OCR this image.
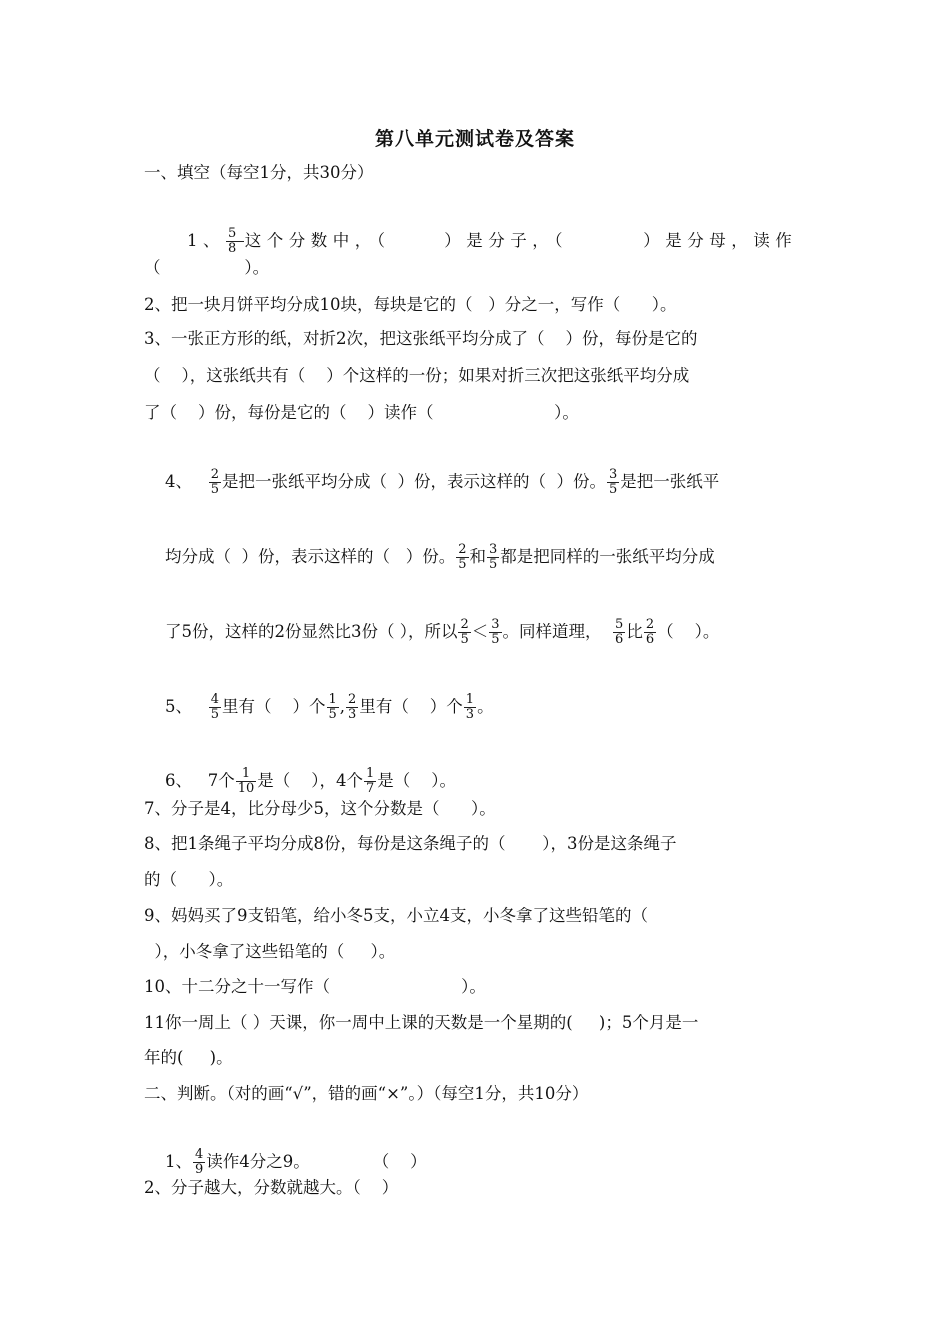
第八单元测试卷及答案
一、填空（每空1分，共30分）

1、 $\frac{5}{8}$ 这个分数中，（     ）是分子，（       ）是分母，读作

（                ）。
2、把一块月饼平均分成10块，每块是它的（   ）分之一，写作（      ）。
3、一张正方形的纸，对折2次，把这张纸平均分成了（    ）份，每份是它的
（    ），这张纸共有（    ）个这样的一份；如果对折三次把这张纸平均分成
了（    ）份，每份是它的（    ）读作（                       ）。

4、 $\frac{2}{5}$ 是把一张纸平均分成（  ）份，表示这样的（  ）份。 $\frac{3}{5}$ 是把一张纸平

均分成（  ）份，表示这样的（   ）份。 $\frac{2}{5}$ 和 $\frac{3}{5}$ 都是把同样的一张纸平均分成

了5份，这样的2份显然比3份（ ），所以 $\frac{2}{5} < \frac{3}{5}$ 。同样道理， $\frac{5}{6}$ 比 $\frac{2}{6}$ （    ）。

5、 $\frac{4}{5}$ 里有（    ）个 $\frac{1}{5}$ , $\frac{2}{3}$ 里有（    ）个 $\frac{1}{3}$ 。

6、 7个 $\frac{1}{10}$ 是（    ），4个 $\frac{1}{7}$ 是（    ）。

7、分子是4，比分母少5，这个分数是（      ）。
8、把1条绳子平均分成8份，每份是这条绳子的（       ），3份是这条绳子
的（      ）。
9、妈妈买了9支铅笔，给小冬5支，小立4支，小冬拿了这些铅笔的（
），小冬拿了这些铅笔的（     ）。
10、十二分之十一写作（                         ）。
11你一周上（ ）天课，你一周中上课的天数是一个星期的(     )；5个月是一
年的(     )。
二、判断。（对的画“√”，错的画“×”。）（每空1分，共10分）

1、 $\frac{4}{9}$ 读作4分之9。            （    ）

2、分子越大，分数就越大。（    ）
